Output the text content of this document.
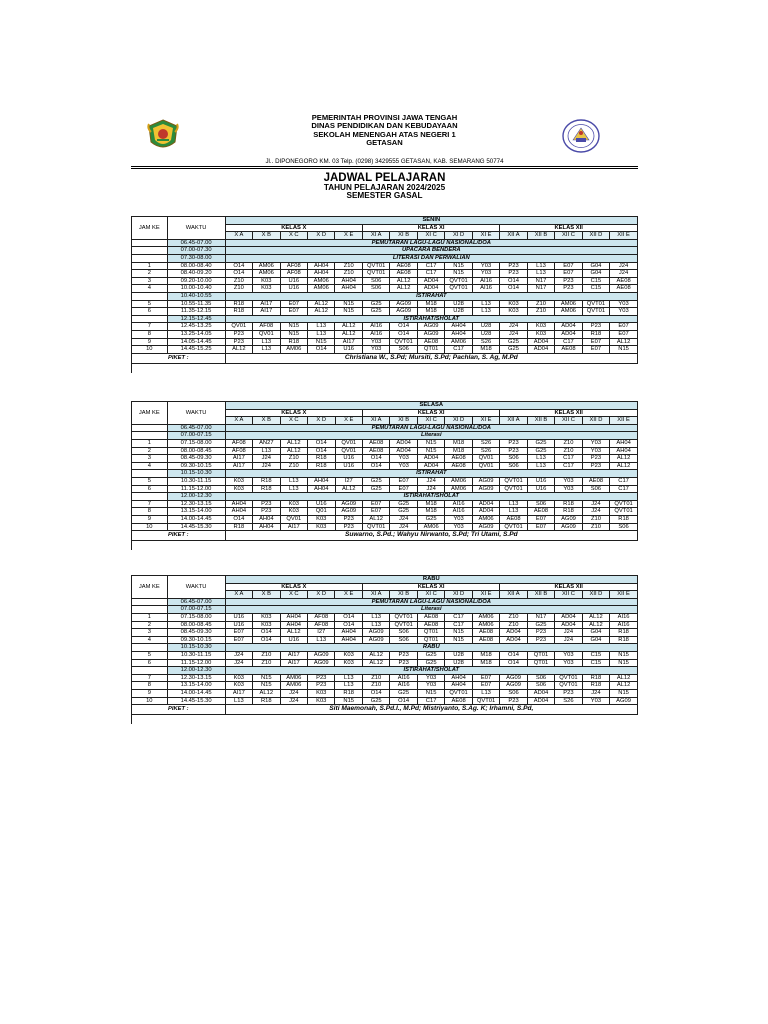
PEMERINTAH PROVINSI JAWA TENGAH
DINAS PENDIDIKAN DAN KEBUDAYAAN
SEKOLAH MENENGAH ATAS NEGERI 1
GETASAN
Jl.. DIPONEGORO KM. 03 Telp. (0298) 3429555 GETASAN, KAB. SEMARANG 50774
JADWAL PELAJARAN
TAHUN PELAJARAN 2024/2025
SEMESTER GASAL
JAM KE	WAKTU	SENIN														
		KELAS X					KELAS XI					KELAS XII				
		X A	X B	X C	X D	X E	XI A	XI B	XI C	XI D	XI E	XII A	XII B	XII C	XII D	XII E
	06.45-07.00	PEMUTARAN LAGU-LAGU NASIONAL/DOA														
	07.00-07.30	UPACARA BENDERA														
	07.30-08.00	LITERASI DAN PERWALIAN														
1	08.00-08.40	O14	AM06	AF08	AH04	Z10	QVT01	AE08	C17	N15	Y03	P23	L13	E07	G04	J24
2	08.40-09.20	O14	AM06	AF08	AH04	Z10	QVT01	AE08	C17	N15	Y03	P23	L13	E07	G04	J24
3	09.20-10.00	Z10	K03	U16	AM06	AH04	S06	AL12	AD04	QVT01	AI16	O14	N17	P23	C15	AE08
4	10.00-10.40	Z10	K03	U16	AM06	AH04	S06	AL12	AD04	QVT01	AI16	O14	N17	P23	C15	AE08
	10.40-10.55	ISTIRAHAT														
5	10.55-11.35	R18	AI17	E07	AL12	N15	G25	AG09	M18	U28	L13	K03	Z10	AM06	QVT01	Y03
6	11.35-12.15	R18	AI17	E07	AL12	N15	G25	AG09	M18	U28	L13	K03	Z10	AM06	QVT01	Y03
	12.15-12.45	ISTIRAHAT/SHOLAT														
7	12.45-13.25	QV01	AF08	N15	L13	AL12	AI16	O14	AG09	AH04	U28	J24	K03	AD04	P23	E07
8	13.25-14.05	P23	QV01	N15	L13	AL12	AI16	O14	AG09	AH04	U28	J24	K03	AD04	R18	E07
9	14.05-14.45	P23	L13	R18	N15	AI17	Y03	QVT01	AE08	AM06	S26	G25	AD04	C17	E07	AL12
10	14.45-15.25	AL12	L13	AM06	O14	U16	Y03	S06	QT01	C17	M18	G25	AD04	AE08	E07	N15
PIKET :		Christiana W., S.Pd; Mursiti, S.Pd; Pachlan, S. Ag, M.Pd														

JAM KE	WAKTU	SELASA														
		KELAS X					KELAS XI					KELAS XII				
		X A	X B	X C	X D	X E	XI A	XI B	XI C	XI D	XI E	XII A	XII B	XII C	XII D	XII E
	06.45-07.00	PEMUTARAN LAGU-LAGU NASIONAL/DOA														
	07.00-07.15	Literasi														
1	07.15-08.00	AF08	AN27	AL12	O14	QV01	AE08	AD04	N15	M18	S26	P23	G25	Z10	Y03	AH04
2	08.00-08.45	AF08	L13	AL12	O14	QV01	AE08	AD04	N15	M18	S26	P23	G25	Z10	Y03	AH04
3	08.45-09.30	AI17	J24	Z10	R18	U16	O14	Y03	AD04	AE08	QV01	S06	L13	C17	P23	AL12
4	09.30-10.15	AI17	J24	Z10	R18	U16	O14	Y03	AD04	AE08	QV01	S06	L13	C17	P23	AL12
	10.15-10.30	ISTIRAHAT														
5	10.30-11.15	K03	R18	L13	AH04	I27	G25	E07	J24	AM06	AG09	QVT01	U16	Y03	AE08	C17
6	11.15-12.00	K03	R18	L13	AH04	AL12	G25	E07	J24	AM06	AG09	QVT01	U16	Y03	S06	C17
	12.00-12.30	ISTIRAHAT/SHOLAT														
7	12.30-13.15	AH04	P23	K03	U16	AG09	E07	G25	M18	AI16	AD04	L13	S06	R18	J24	QVT01
8	13.15-14.00	AH04	P23	K03	Q01	AG09	E07	G25	M18	AI16	AD04	L13	AE08	R18	J24	QVT01
9	14.00-14.45	O14	AH04	QV01	K03	P23	AL12	J24	G25	Y03	AM06	AE08	E07	AG09	Z10	R18
10	14.45-15.30	R18	AH04	AI17	K03	P23	QVT01	J24	AM06	Y03	AG09	QVT01	E07	AG09	Z10	S06
PIKET :		Suwarno, S.Pd.; Wahyu Nirwanto, S.Pd; Tri Utami, S.Pd														

JAM KE	WAKTU	RABU														
		KELAS X					KELAS XI					KELAS XII				
		X A	X B	X C	X D	X E	XI A	XI B	XI C	XI D	XI E	XII A	XII B	XII C	XII D	XII E
	06.45-07.00	PEMUTARAN LAGU-LAGU NASIONAL/DOA														
	07.00-07.15	Literasi														
1	07.15-08.00	U16	K03	AH04	AF08	O14	L13	QVT01	AE08	C17	AM06	Z10	N17	AD04	AL12	AI16
2	08.00-08.45	U16	K03	AH04	AF08	O14	L13	QVT01	AE08	C17	AM06	Z10	G25	AD04	AL12	AI16
3	08.45-09.30	E07	O14	AL12	I27	AH04	AG09	S06	QT01	N15	AE08	AD04	P23	J24	G04	R18
4	09.30-10.15	E07	O14	U16	L13	AH04	AG09	S06	QT01	N15	AE08	AD04	P23	J24	G04	R18
	10.15-10.30	RABU														
5	10.30-11.15	J24	Z10	AI17	AG09	K03	AL12	P23	G25	U28	M18	O14	QT01	Y03	C15	N15
6	11.15-12.00	J24	Z10	AI17	AG09	K03	AL12	P23	G25	U28	M18	O14	QT01	Y03	C15	N15
	12.00-12.30	ISTIRAHAT/SHOLAT														
7	12.30-13.15	K03	N15	AM06	P23	L13	Z10	AI16	Y03	AH04	E07	AG09	S06	QVT01	R18	AL12
8	13.15-14.00	K03	N15	AM06	P23	L13	Z10	AI16	Y03	AH04	E07	AG09	S06	QVT01	R18	AL12
9	14.00-14.45	AI17	AL12	J24	K03	R18	O14	G25	N15	QVT01	L13	S06	AD04	P23	J24	N15
10	14.45-15.30	L13	R18	J24	K03	N15	G25	O14	C17	AE08	QVT01	P23	AD04	S26	Y03	AG09
PIKET :		Siti Maemonah, S.Pd.I., M.Pd; Mistriyanto, S.Ag. K; Irhamni, S.Pd,														
